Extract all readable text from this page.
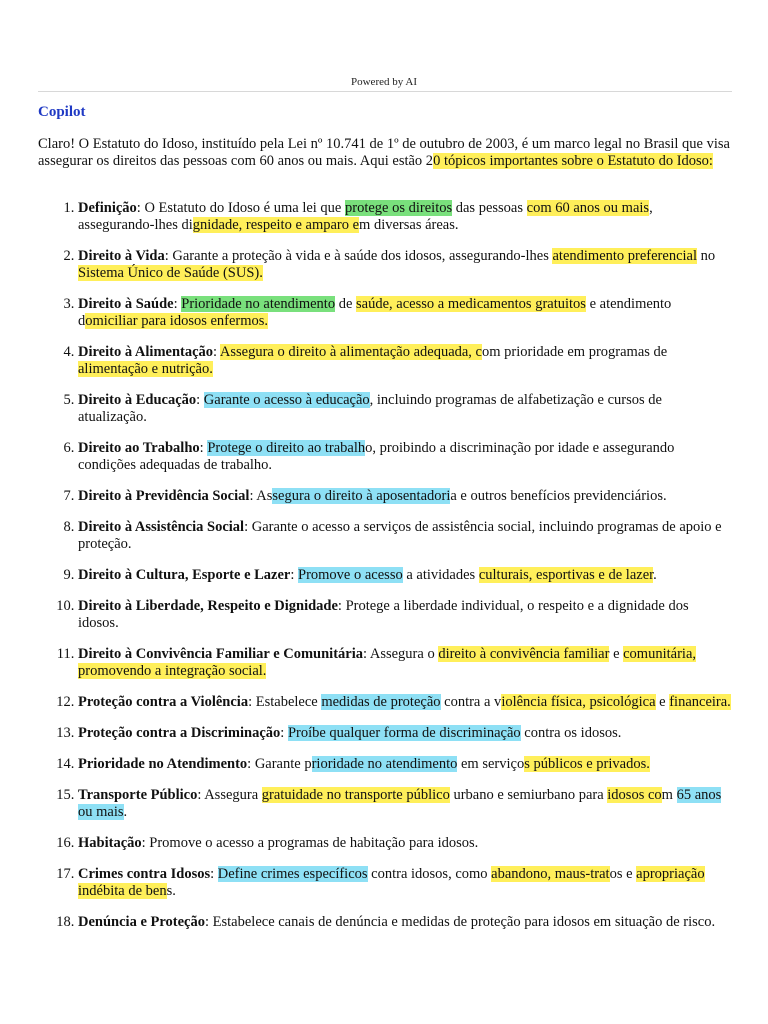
Powered by AI
Copilot

Claro! O Estatuto do Idoso, instituído pela Lei nº 10.741 de 1º de outubro de 2003, é um marco legal no Brasil que visa assegurar os direitos das pessoas com 60 anos ou mais. Aqui estão 20 tópicos importantes sobre o Estatuto do Idoso:

1. Definição: O Estatuto do Idoso é uma lei que protege os direitos das pessoas com 60 anos ou mais, assegurando-lhes dignidade, respeito e amparo em diversas áreas.
2. Direito à Vida: Garante a proteção à vida e à saúde dos idosos, assegurando-lhes atendimento preferencial no Sistema Único de Saúde (SUS).
3. Direito à Saúde: Prioridade no atendimento de saúde, acesso a medicamentos gratuitos e atendimento domiciliar para idosos enfermos.
4. Direito à Alimentação: Assegura o direito à alimentação adequada, com prioridade em programas de alimentação e nutrição.
5. Direito à Educação: Garante o acesso à educação, incluindo programas de alfabetização e cursos de atualização.
6. Direito ao Trabalho: Protege o direito ao trabalho, proibindo a discriminação por idade e assegurando condições adequadas de trabalho.
7. Direito à Previdência Social: Assegura o direito à aposentadoria e outros benefícios previdenciários.
8. Direito à Assistência Social: Garante o acesso a serviços de assistência social, incluindo programas de apoio e proteção.
9. Direito à Cultura, Esporte e Lazer: Promove o acesso a atividades culturais, esportivas e de lazer.
10. Direito à Liberdade, Respeito e Dignidade: Protege a liberdade individual, o respeito e a dignidade dos idosos.
11. Direito à Convivência Familiar e Comunitária: Assegura o direito à convivência familiar e comunitária, promovendo a integração social.
12. Proteção contra a Violência: Estabelece medidas de proteção contra a violência física, psicológica e financeira.
13. Proteção contra a Discriminação: Proíbe qualquer forma de discriminação contra os idosos.
14. Prioridade no Atendimento: Garante prioridade no atendimento em serviços públicos e privados.
15. Transporte Público: Assegura gratuidade no transporte público urbano e semiurbano para idosos com 65 anos ou mais.
16. Habitação: Promove o acesso a programas de habitação para idosos.
17. Crimes contra Idosos: Define crimes específicos contra idosos, como abandono, maus-tratos e apropriação indébita de bens.
18. Denúncia e Proteção: Estabelece canais de denúncia e medidas de proteção para idosos em situação de risco.
